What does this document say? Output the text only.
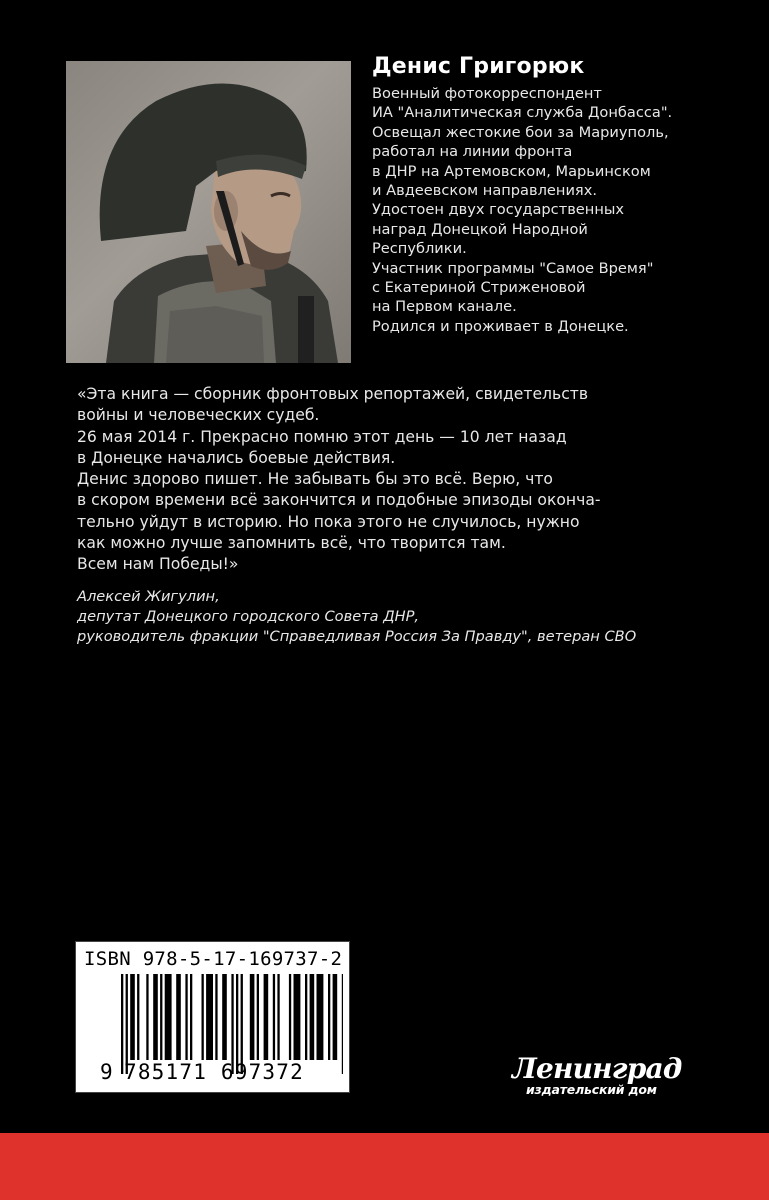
Денис Григорюк
Военный фотокорреспондент
ИА "Аналитическая служба Донбасса".
Освещал жестокие бои за Мариуполь,
работал на линии фронта
в ДНР на Артемовском, Марьинском
и Авдеевском направлениях.
Удостоен двух государственных
наград Донецкой Народной
Республики.
Участник программы "Самое Время"
с Екатериной Стриженовой
на Первом канале.
Родился и проживает в Донецке.
«Эта книга — сборник фронтовых репортажей, свидетельств
войны и человеческих судеб.
26 мая 2014 г. Прекрасно помню этот день — 10 лет назад
в Донецке начались боевые действия.
Денис здорово пишет. Не забывать бы это всё. Верю, что
в скором времени всё закончится и подобные эпизоды оконча-
тельно уйдут в историю. Но пока этого не случилось, нужно
как можно лучше запомнить всё, что творится там.
Всем нам Победы!»
Алексей Жигулин,
депутат Донецкого городского Совета ДНР,
руководитель фракции "Справедливая Россия За Правду", ветеран СВО
ISBN 978-5-17-169737-2
9 785171 697372	Ленинград
издательский дом
